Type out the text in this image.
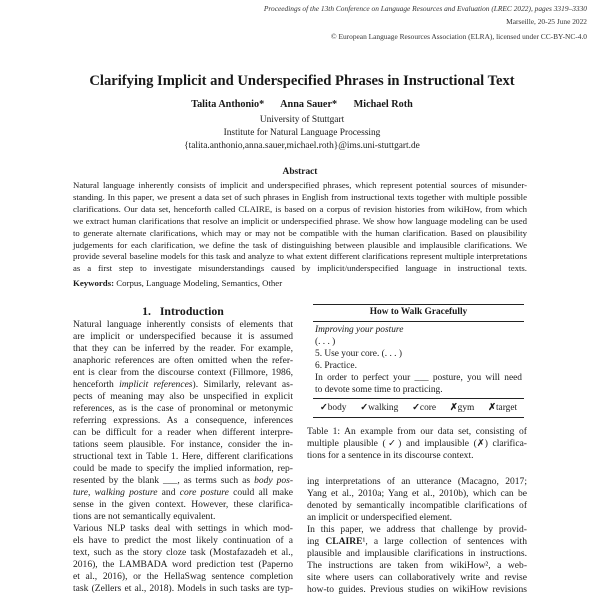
Proceedings of the 13th Conference on Language Resources and Evaluation (LREC 2022), pages 3319–3330
Marseille, 20-25 June 2022
© European Language Resources Association (ELRA), licensed under CC-BY-NC-4.0
Clarifying Implicit and Underspecified Phrases in Instructional Text
Talita Anthonio* Anna Sauer* Michael Roth
University of Stuttgart
Institute for Natural Language Processing
{talita.anthonio,anna.sauer,michael.roth}@ims.uni-stuttgart.de
Abstract
Natural language inherently consists of implicit and underspecified phrases, which represent potential sources of misunder-
standing. In this paper, we present a data set of such phrases in English from instructional texts together with multiple possible
clarifications. Our data set, henceforth called CLAIRE, is based on a corpus of revision histories from wikiHow, from which
we extract human clarifications that resolve an implicit or underspecified phrase. We show how language modeling can be used
to generate alternate clarifications, which may or may not be compatible with the human clarification. Based on plausibility
judgements for each clarification, we define the task of distinguishing between plausible and implausible clarifications. We
provide several baseline models for this task and analyze to what extent different clarifications represent multiple interpretations
as a first step to investigate misunderstandings caused by implicit/underspecified language in instructional texts.
Keywords: Corpus, Language Modeling, Semantics, Other
1.   Introduction
Natural language inherently consists of elements that
are implicit or underspecified because it is assumed
that they can be inferred by the reader. For example,
anaphoric references are often omitted when the refer-
ent is clear from the discourse context (Fillmore, 1986,
henceforth implicit references). Similarly, relevant as-
pects of meaning may also be unspecified in explicit
references, as is the case of pronominal or metonymic
referring expressions. As a consequence, inferences
can be difficult for a reader when different interpre-
tations seem plausible. For instance, consider the in-
structional text in Table 1. Here, different clarifications
could be made to specify the implied information, rep-
resented by the blank ___, as terms such as body pos-
ture, walking posture and core posture could all make
sense in the given context. However, these clarifica-
tions are not semantically equivalent.
Various NLP tasks deal with settings in which mod-
els have to predict the most likely continuation of a
text, such as the story cloze task (Mostafazadeh et al.,
2016), the LAMBADA word prediction test (Paperno
et al., 2016), or the HellaSwag sentence completion
task (Zellers et al., 2018). Models in such tasks are typ-
How to Walk Gracefully
Improving your posture
(. . . )
5. Use your core. (. . . )
6. Practice.
In order to perfect your ___ posture, you will need
to devote some time to practicing.
✓body ✓walking ✓core ✗gym ✗target
Table 1: An example from our data set, consisting of
multiple plausible (✓) and implausible (✗) clarifica-
tions for a sentence in its discourse context.
ing interpretations of an utterance (Macagno, 2017;
Yang et al., 2010a; Yang et al., 2010b), which can be
denoted by semantically incompatible clarifications of
an implicit or underspecified element.
In this paper, we address that challenge by provid-
ing CLAIRE¹, a large collection of sentences with
plausible and implausible clarifications in instructions.
The instructions are taken from wikiHow², a web-
site where users can collaboratively write and revise
how-to guides. Previous studies on wikiHow revisions
